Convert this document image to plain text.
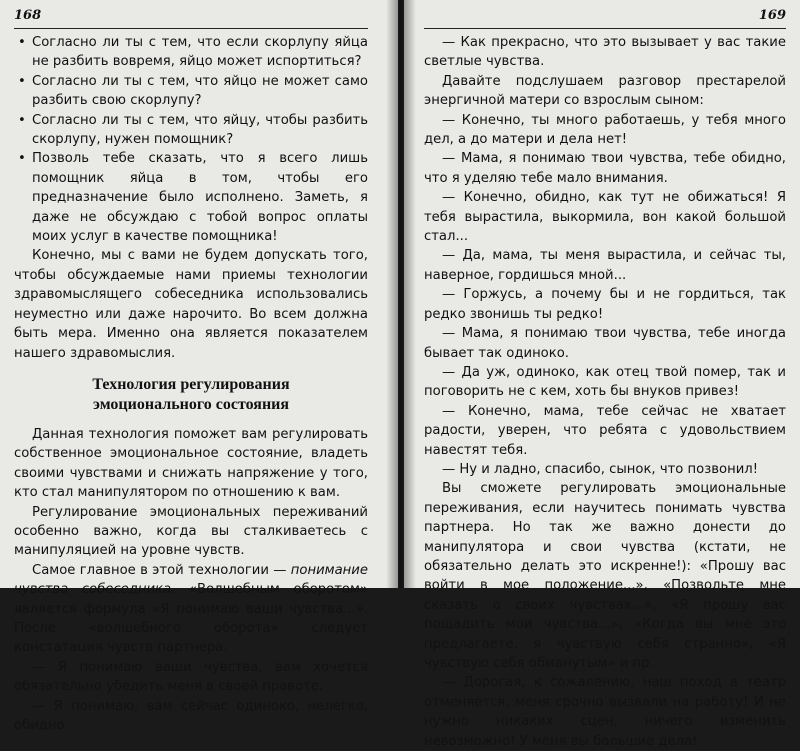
168

• Согласно ли ты с тем, что если скорлупу яйца не разбить вовремя, яйцо может испортиться?

• Согласно ли ты с тем, что яйцо не может само разбить свою скорлупу?

• Согласно ли ты с тем, что яйцу, чтобы разбить скорлупу, нужен помощник?

• Позволь тебе сказать, что я всего лишь помощник яйца в том, чтобы его предназначение было исполнено. Заметь, я даже не обсуждаю с тобой вопрос оплаты моих услуг в качестве помощника!

Конечно, мы с вами не будем допускать того, чтобы обсуждаемые нами приемы технологии здравомыслящего собеседника использовались неуместно или даже нарочито. Во всем должна быть мера. Именно она является показателем нашего здравомыслия.

Технология регулирования
эмоционального состояния

Данная технология поможет вам регулировать собственное эмоциональное состояние, владеть своими чувствами и снижать напряжение у того, кто стал манипулятором по отношению к вам.

Регулирование эмоциональных переживаний особенно важно, когда вы сталкиваетесь с манипуляцией на уровне чувств.

Самое главное в этой технологии — понимание чувства собеседника. «Волшебным оборотом» является формула «Я понимаю ваши чувства...». После «волшебного оборота» следует констатация чувств партнера.

— Я понимаю ваши чувства, вам хочется обязательно убедить меня в своей правоте.

— Я понимаю, вам сейчас одиноко, нелегко, обидно.

169

— Как прекрасно, что это вызывает у вас такие светлые чувства.

Давайте подслушаем разговор престарелой энергичной матери со взрослым сыном:

— Конечно, ты много работаешь, у тебя много дел, а до матери и дела нет!

— Мама, я понимаю твои чувства, тебе обидно, что я уделяю тебе мало внимания.

— Конечно, обидно, как тут не обижаться! Я тебя вырастила, выкормила, вон какой большой стал...

— Да, мама, ты меня вырастила, и сейчас ты, наверное, гордишься мной...

— Горжусь, а почему бы и не гордиться, так редко звонишь ты редко!

— Мама, я понимаю твои чувства, тебе иногда бывает так одиноко.

— Да уж, одиноко, как отец твой помер, так и поговорить не с кем, хоть бы внуков привез!

— Конечно, мама, тебе сейчас не хватает радости, уверен, что ребята с удовольствием навестят тебя.

— Ну и ладно, спасибо, сынок, что позвонил!

Вы сможете регулировать эмоциональные переживания, если научитесь понимать чувства партнера. Но так же важно донести до манипулятора и свои чувства (кстати, не обязательно делать это искренне!): «Прошу вас войти в мое положение...», «Позвольте мне сказать о своих чувствах...», «Я прошу вас пощадить мои чувства...», «Когда вы мне это предлагаете, я чувствую себя странно», «Я чувствую себя обманутым» и пр.

— Дорогая, к сожалению, наш поход в театр отменяется, меня срочно вызвали на работу! И не нужно никаких сцен, ничего изменить невозможно! У меня вы большие дела!
